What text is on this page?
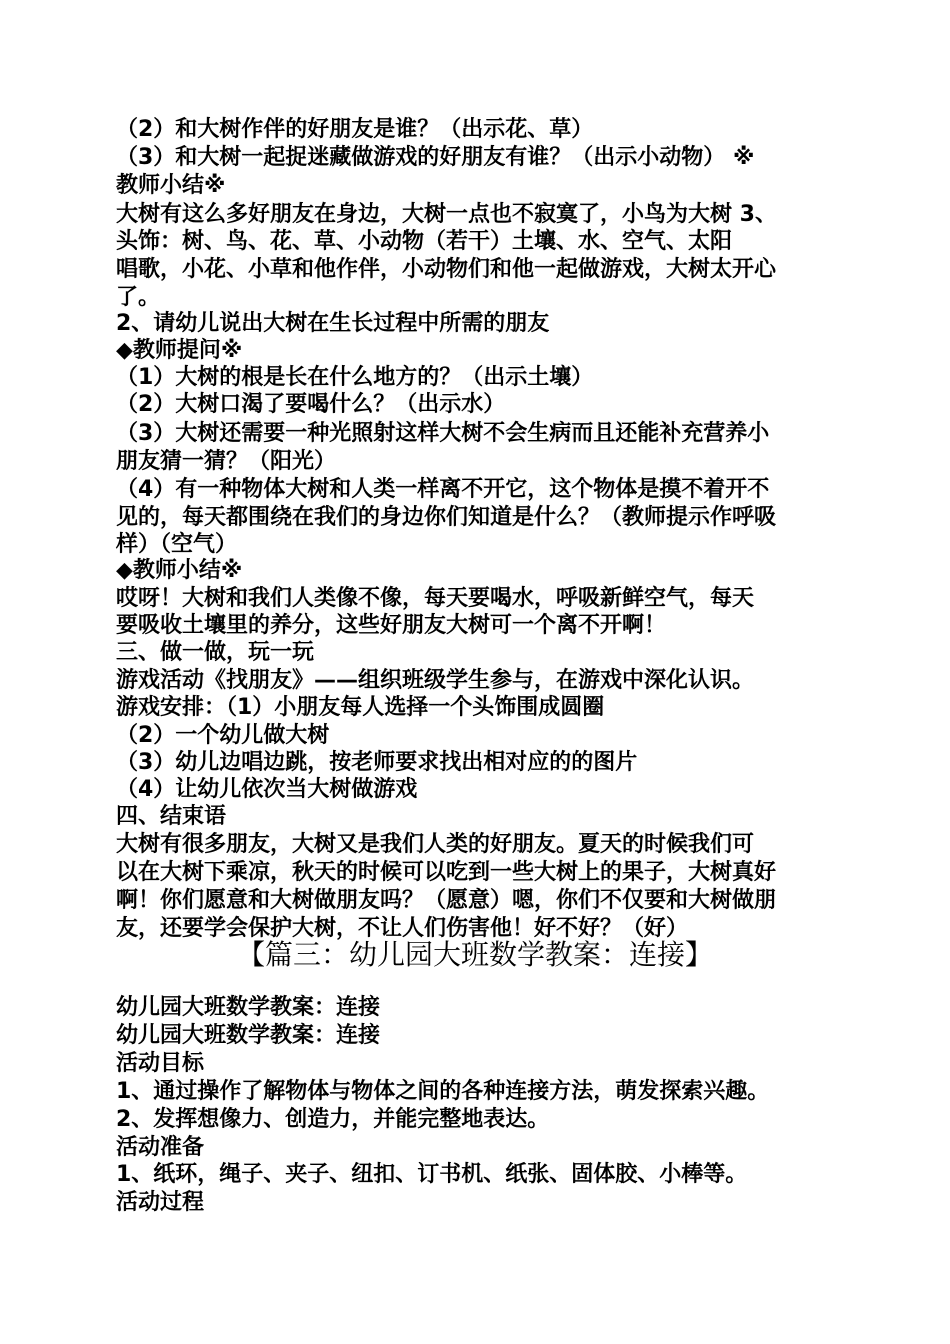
（2）和大树作伴的好朋友是谁？（出示花、草）
（3）和大树一起捉迷藏做游戏的好朋友有谁？（出示小动物） ※
教师小结※
大树有这么多好朋友在身边，大树一点也不寂寞了，小鸟为大树 3、
头饰：树、鸟、花、草、小动物（若干）土壤、水、空气、太阳
唱歌，小花、小草和他作伴，小动物们和他一起做游戏，大树太开心
了。
2、请幼儿说出大树在生长过程中所需的朋友
◆教师提问※
（1）大树的根是长在什么地方的？（出示土壤）
（2）大树口渴了要喝什么？（出示水）
（3）大树还需要一种光照射这样大树不会生病而且还能补充营养小
朋友猜一猜？（阳光）
（4）有一种物体大树和人类一样离不开它，这个物体是摸不着开不
见的，每天都围绕在我们的身边你们知道是什么？（教师提示作呼吸
样）（空气）
◆教师小结※
哎呀！大树和我们人类像不像，每天要喝水，呼吸新鲜空气，每天
要吸收土壤里的养分，这些好朋友大树可一个离不开啊！
三、做一做，玩一玩
游戏活动《找朋友》——组织班级学生参与，在游戏中深化认识。
游戏安排：（1）小朋友每人选择一个头饰围成圆圈
（2）一个幼儿做大树
（3）幼儿边唱边跳，按老师要求找出相对应的的图片
（4）让幼儿依次当大树做游戏
四、结束语
大树有很多朋友，大树又是我们人类的好朋友。夏天的时候我们可
以在大树下乘凉，秋天的时候可以吃到一些大树上的果子，大树真好
啊！你们愿意和大树做朋友吗？（愿意）嗯，你们不仅要和大树做朋
友，还要学会保护大树，不让人们伤害他！好不好？（好）
【篇三：幼儿园大班数学教案：连接】
幼儿园大班数学教案：连接
幼儿园大班数学教案：连接
活动目标
1、通过操作了解物体与物体之间的各种连接方法，萌发探索兴趣。
2、发挥想像力、创造力，并能完整地表达。
活动准备
1、纸环，绳子、夹子、纽扣、订书机、纸张、固体胶、小棒等。
活动过程
